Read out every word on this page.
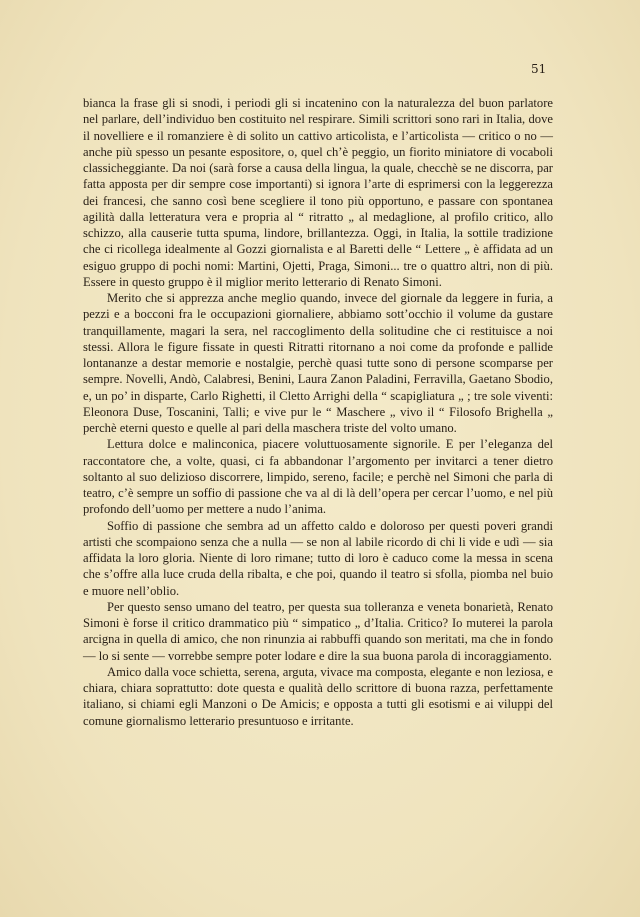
51

bianca la frase gli si snodi, i periodi gli si incatenino con la naturalezza del buon parlatore nel parlare, dell’individuo ben costituito nel respirare. Simili scrittori sono rari in Italia, dove il novelliere e il romanziere è di solito un cattivo articolista, e l’articolista — critico o no — anche più spesso un pesante espositore, o, quel ch’è peggio, un fiorito miniatore di vocaboli classicheggiante. Da noi (sarà forse a causa della lingua, la quale, checchè se ne discorra, par fatta apposta per dir sempre cose importanti) si ignora l’arte di esprimersi con la leggerezza dei francesi, che sanno così bene scegliere il tono più opportuno, e passare con spontanea agilità dalla letteratura vera e propria al “ ritratto „ al medaglione, al profilo critico, allo schizzo, alla causerie tutta spuma, lindore, brillantezza. Oggi, in Italia, la sottile tradizione che ci ricollega idealmente al Gozzi giornalista e al Baretti delle “ Lettere „ è affidata ad un esiguo gruppo di pochi nomi: Martini, Ojetti, Praga, Simoni... tre o quattro altri, non di più. Essere in questo gruppo è il miglior merito letterario di Renato Simoni.

Merito che si apprezza anche meglio quando, invece del giornale da leggere in furia, a pezzi e a bocconi fra le occupazioni giornaliere, abbiamo sott’occhio il volume da gustare tranquillamente, magari la sera, nel raccoglimento della solitudine che ci restituisce a noi stessi. Allora le figure fissate in questi Ritratti ritornano a noi come da profonde e pallide lontananze a destar memorie e nostalgie, perchè quasi tutte sono di persone scomparse per sempre. Novelli, Andò, Calabresi, Benini, Laura Zanon Paladini, Ferravilla, Gaetano Sbodio, e, un po’ in disparte, Carlo Righetti, il Cletto Arrighi della “ scapigliatura „ ; tre sole viventi: Eleonora Duse, Toscanini, Talli; e vive pur le “ Maschere „ vivo il “ Filosofo Brighella „ perchè eterni questo e quelle al pari della maschera triste del volto umano.

Lettura dolce e malinconica, piacere voluttuosamente signorile. E per l’eleganza del raccontatore che, a volte, quasi, ci fa abbandonar l’argomento per invitarci a tener dietro soltanto al suo delizioso discorrere, limpido, sereno, facile; e perchè nel Simoni che parla di teatro, c’è sempre un soffio di passione che va al di là dell’opera per cercar l’uomo, e nel più profondo dell’uomo per mettere a nudo l’anima.

Soffio di passione che sembra ad un affetto caldo e doloroso per questi poveri grandi artisti che scompaiono senza che a nulla — se non al labile ricordo di chi li vide e udì — sia affidata la loro gloria. Niente di loro rimane; tutto di loro è caduco come la messa in scena che s’offre alla luce cruda della ribalta, e che poi, quando il teatro si sfolla, piomba nel buio e muore nell’oblio.

Per questo senso umano del teatro, per questa sua tolleranza e veneta bonarietà, Renato Simoni è forse il critico drammatico più “ simpatico „ d’Italia. Critico? Io muterei la parola arcigna in quella di amico, che non rinunzia ai rabbuffi quando son meritati, ma che in fondo — lo si sente — vorrebbe sempre poter lodare e dire la sua buona parola di incoraggiamento.

Amico dalla voce schietta, serena, arguta, vivace ma composta, elegante e non leziosa, e chiara, chiara soprattutto: dote questa e qualità dello scrittore di buona razza, perfettamente italiano, si chiami egli Manzoni o De Amicis; e opposta a tutti gli esotismi e ai viluppi del comune giornalismo letterario presuntuoso e irritante.
